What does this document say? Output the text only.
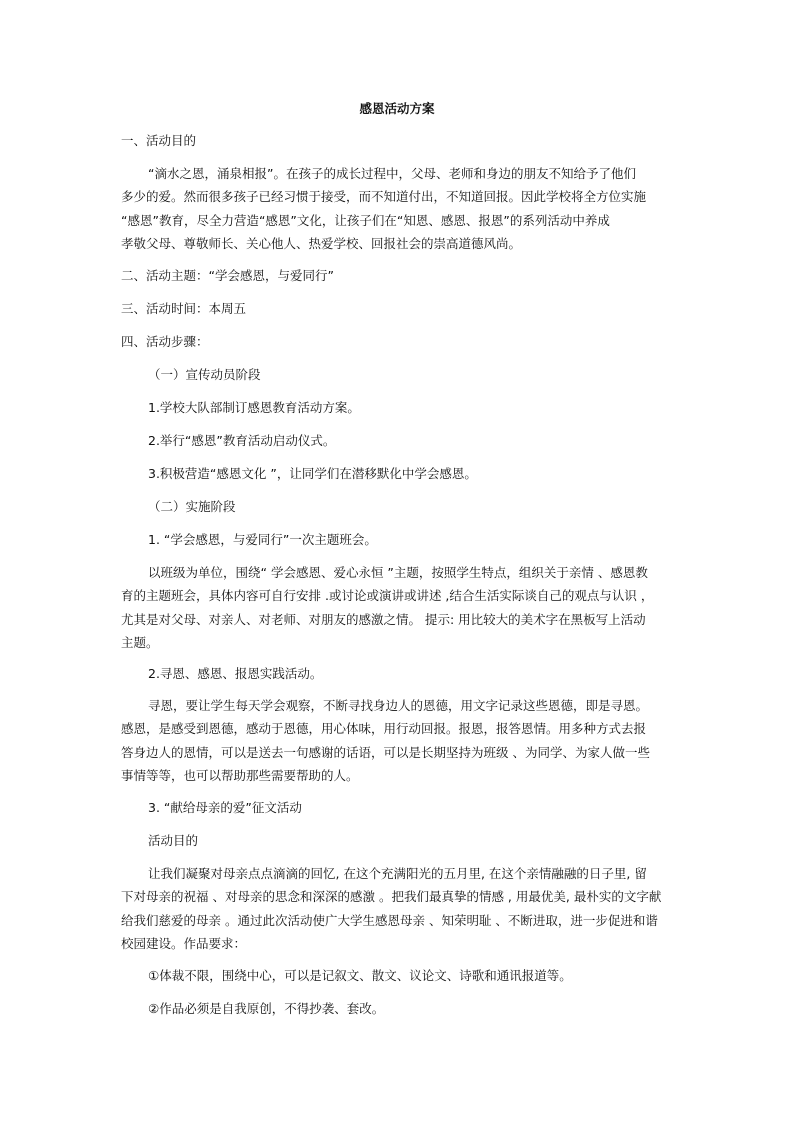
感恩活动方案
一、活动目的
“滴水之恩，涌泉相报”。在孩子的成长过程中，父母、老师和身边的朋友不知给予了他们
多少的爱。然而很多孩子已经习惯于接受，而不知道付出，不知道回报。因此学校将全方位实施
“感恩”教育，尽全力营造“感恩”文化，让孩子们在“知恩、感恩、报恩”的系列活动中养成
孝敬父母、尊敬师长、关心他人、热爱学校、回报社会的崇高道德风尚。
二、活动主题：“学会感恩，与爱同行”
三、活动时间：本周五
四、活动步骤：
（一）宣传动员阶段
1.学校大队部制订感恩教育活动方案。
2.举行“感恩”教育活动启动仪式。
3.积极营造“感恩文化 ”，让同学们在潜移默化中学会感恩。
（二）实施阶段
1. “学会感恩，与爱同行”一次主题班会。
以班级为单位，围绕“ 学会感恩、爱心永恒 ”主题，按照学生特点，组织关于亲情 、感恩教
育的主题班会，具体内容可自行安排 .或讨论或演讲或讲述 ,结合生活实际谈自己的观点与认识 ，
尤其是对父母、对亲人、对老师、对朋友的感激之情。 提示: 用比较大的美术字在黑板写上活动
主题。
2.寻恩、感恩、报恩实践活动。
寻恩，要让学生每天学会观察，不断寻找身边人的恩德，用文字记录这些恩德，即是寻恩。
感恩，是感受到恩德，感动于恩德，用心体味，用行动回报。报恩，报答恩情。用多种方式去报
答身边人的恩情，可以是送去一句感谢的话语，可以是长期坚持为班级 、为同学、为家人做一些
事情等等，也可以帮助那些需要帮助的人。
3. “献给母亲的爱”征文活动
活动目的
让我们凝聚对母亲点点滴滴的回忆, 在这个充满阳光的五月里, 在这个亲情融融的日子里, 留
下对母亲的祝福 、对母亲的思念和深深的感激 。把我们最真挚的情感 , 用最优美, 最朴实的文字献
给我们慈爱的母亲 。通过此次活动使广大学生感恩母亲 、知荣明耻 、不断进取，进一步促进和谐
校园建设。作品要求：
①体裁不限，围绕中心，可以是记叙文、散文、议论文、诗歌和通讯报道等。
②作品必须是自我原创，不得抄袭、套改。
